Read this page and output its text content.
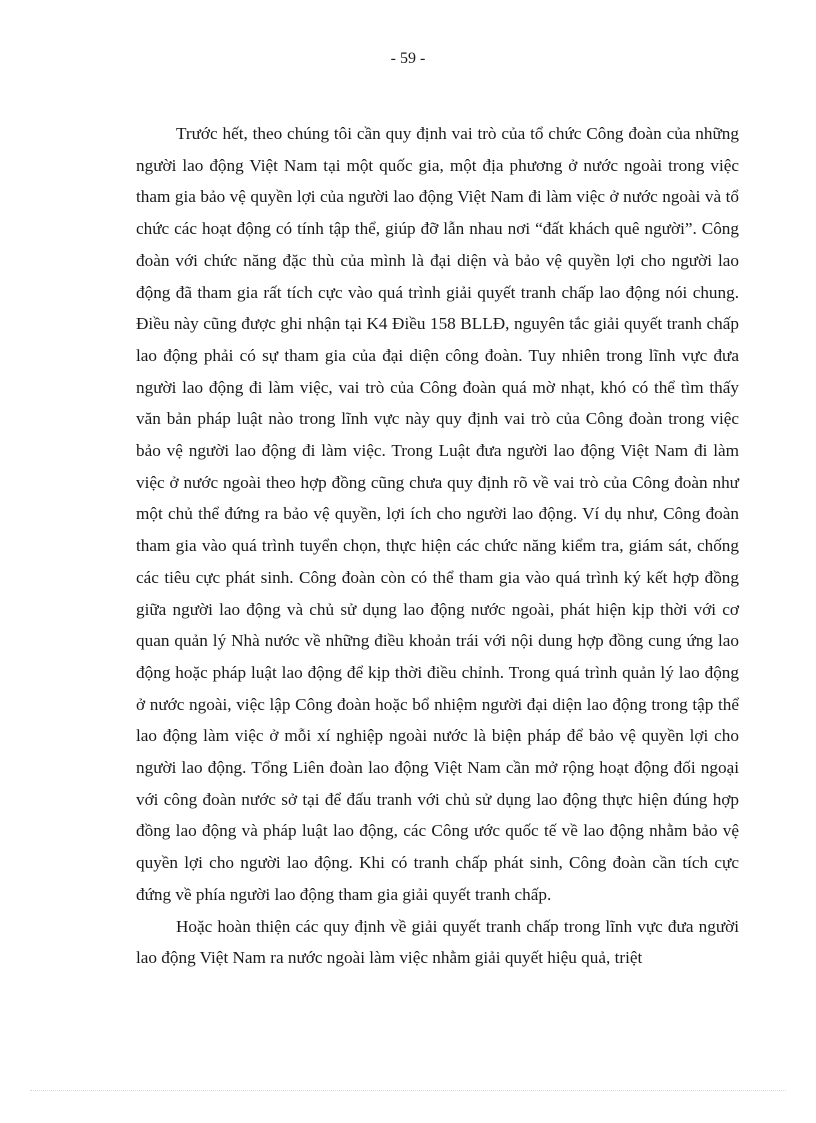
- 59 -

Trước hết, theo chúng tôi cần quy định vai trò của tổ chức Công đoàn của những người lao động Việt Nam tại một quốc gia, một địa phương ở nước ngoài trong việc tham gia bảo vệ quyền lợi của người lao động Việt Nam đi làm việc ở nước ngoài và tổ chức các hoạt động có tính tập thể, giúp đỡ lẫn nhau nơi “đất khách quê người”. Công đoàn với chức năng đặc thù của mình là đại diện và bảo vệ quyền lợi cho người lao động đã tham gia rất tích cực vào quá trình giải quyết tranh chấp lao động nói chung. Điều này cũng được ghi nhận tại K4 Điều 158 BLLĐ, nguyên tắc giải quyết tranh chấp lao động phải có sự tham gia của đại diện công đoàn. Tuy nhiên trong lĩnh vực đưa người lao động đi làm việc, vai trò của Công đoàn quá mờ nhạt, khó có thể tìm thấy văn bản pháp luật nào trong lĩnh vực này quy định vai trò của Công đoàn trong việc bảo vệ người lao động đi làm việc. Trong Luật đưa người lao động Việt Nam đi làm việc ở nước ngoài theo hợp đồng cũng chưa quy định rõ về vai trò của Công đoàn như một chủ thể đứng ra bảo vệ quyền, lợi ích cho người lao động. Ví dụ như, Công đoàn tham gia vào quá trình tuyển chọn, thực hiện các chức năng kiểm tra, giám sát, chống các tiêu cực phát sinh. Công đoàn còn có thể tham gia vào quá trình ký kết hợp đồng giữa người lao động và chủ sử dụng lao động nước ngoài, phát hiện kịp thời với cơ quan quản lý Nhà nước về những điều khoản trái với nội dung hợp đồng cung ứng lao động hoặc pháp luật lao động để kịp thời điều chỉnh. Trong quá trình quản lý lao động ở nước ngoài, việc lập Công đoàn hoặc bổ nhiệm người đại diện lao động trong tập thể lao động làm việc ở mỗi xí nghiệp ngoài nước là biện pháp để bảo vệ quyền lợi cho người lao động. Tổng Liên đoàn lao động Việt Nam cần mở rộng hoạt động đối ngoại với công đoàn nước sở tại để đấu tranh với chủ sử dụng lao động thực hiện đúng hợp đồng lao động và pháp luật lao động, các Công ước quốc tế về lao động nhằm bảo vệ quyền lợi cho người lao động. Khi có tranh chấp phát sinh, Công đoàn cần tích cực đứng về phía người lao động tham gia giải quyết tranh chấp.

Hoặc hoàn thiện các quy định về giải quyết tranh chấp trong lĩnh vực đưa người lao động Việt Nam ra nước ngoài làm việc nhằm giải quyết hiệu quả, triệt
